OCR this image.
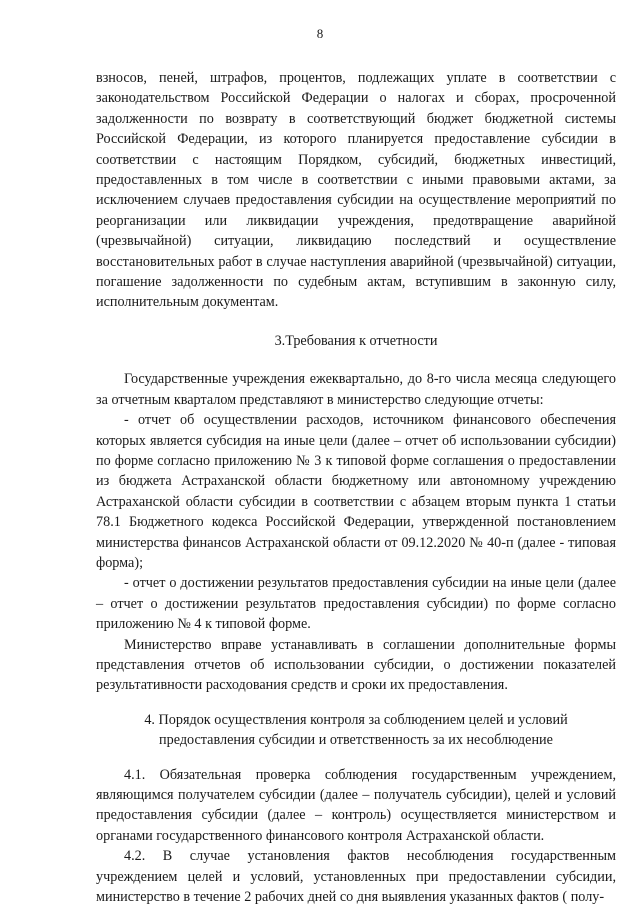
8

взносов, пеней, штрафов, процентов, подлежащих уплате в соответствии с законодательством Российской Федерации о налогах и сборах, просроченной задолженности по возврату в соответствующий бюджет бюджетной системы Российской Федерации, из которого планируется предоставление субсидии в соответствии с настоящим Порядком, субсидий, бюджетных инвестиций, предоставленных в том числе в соответствии с иными правовыми актами, за исключением случаев предоставления субсидии на осуществление мероприятий по реорганизации или ликвидации учреждения, предотвращение аварийной (чрезвычайной) ситуации, ликвидацию последствий и осуществление восстановительных работ в случае наступления аварийной (чрезвычайной) ситуации, погашение задолженности по судебным актам, вступившим в законную силу, исполнительным документам.

3.Требования к отчетности

Государственные учреждения ежеквартально, до 8-го числа месяца следующего за отчетным кварталом представляют в министерство следующие отчеты:

- отчет об осуществлении расходов, источником финансового обеспечения которых является субсидия на иные цели (далее – отчет об использовании субсидии) по форме согласно приложению № 3 к типовой форме соглашения о предоставлении из бюджета Астраханской области бюджетному или автономному учреждению Астраханской области субсидии в соответствии с абзацем вторым пункта 1 статьи 78.1 Бюджетного кодекса Российской Федерации, утвержденной постановлением министерства финансов Астраханской области от 09.12.2020 № 40-п (далее - типовая форма);

- отчет о достижении результатов предоставления субсидии на иные цели (далее – отчет о достижении результатов предоставления субсидии) по форме согласно приложению № 4 к типовой форме.

Министерство вправе устанавливать в соглашении дополнительные формы представления отчетов об использовании субсидии, о достижении показателей результативности расходования средств и сроки их предоставления.

4. Порядок осуществления контроля за соблюдением целей и условий предоставления субсидии и ответственность за их несоблюдение

4.1. Обязательная проверка соблюдения государственным учреждением, являющимся получателем субсидии (далее – получатель субсидии), целей и условий предоставления субсидии (далее – контроль) осуществляется министерством и органами государственного финансового контроля Астраханской области.

4.2. В случае установления фактов несоблюдения государственным учреждением целей и условий, установленных при предоставлении субсидии, министерство в течение 2 рабочих дней со дня выявления указанных фактов ( полу-
